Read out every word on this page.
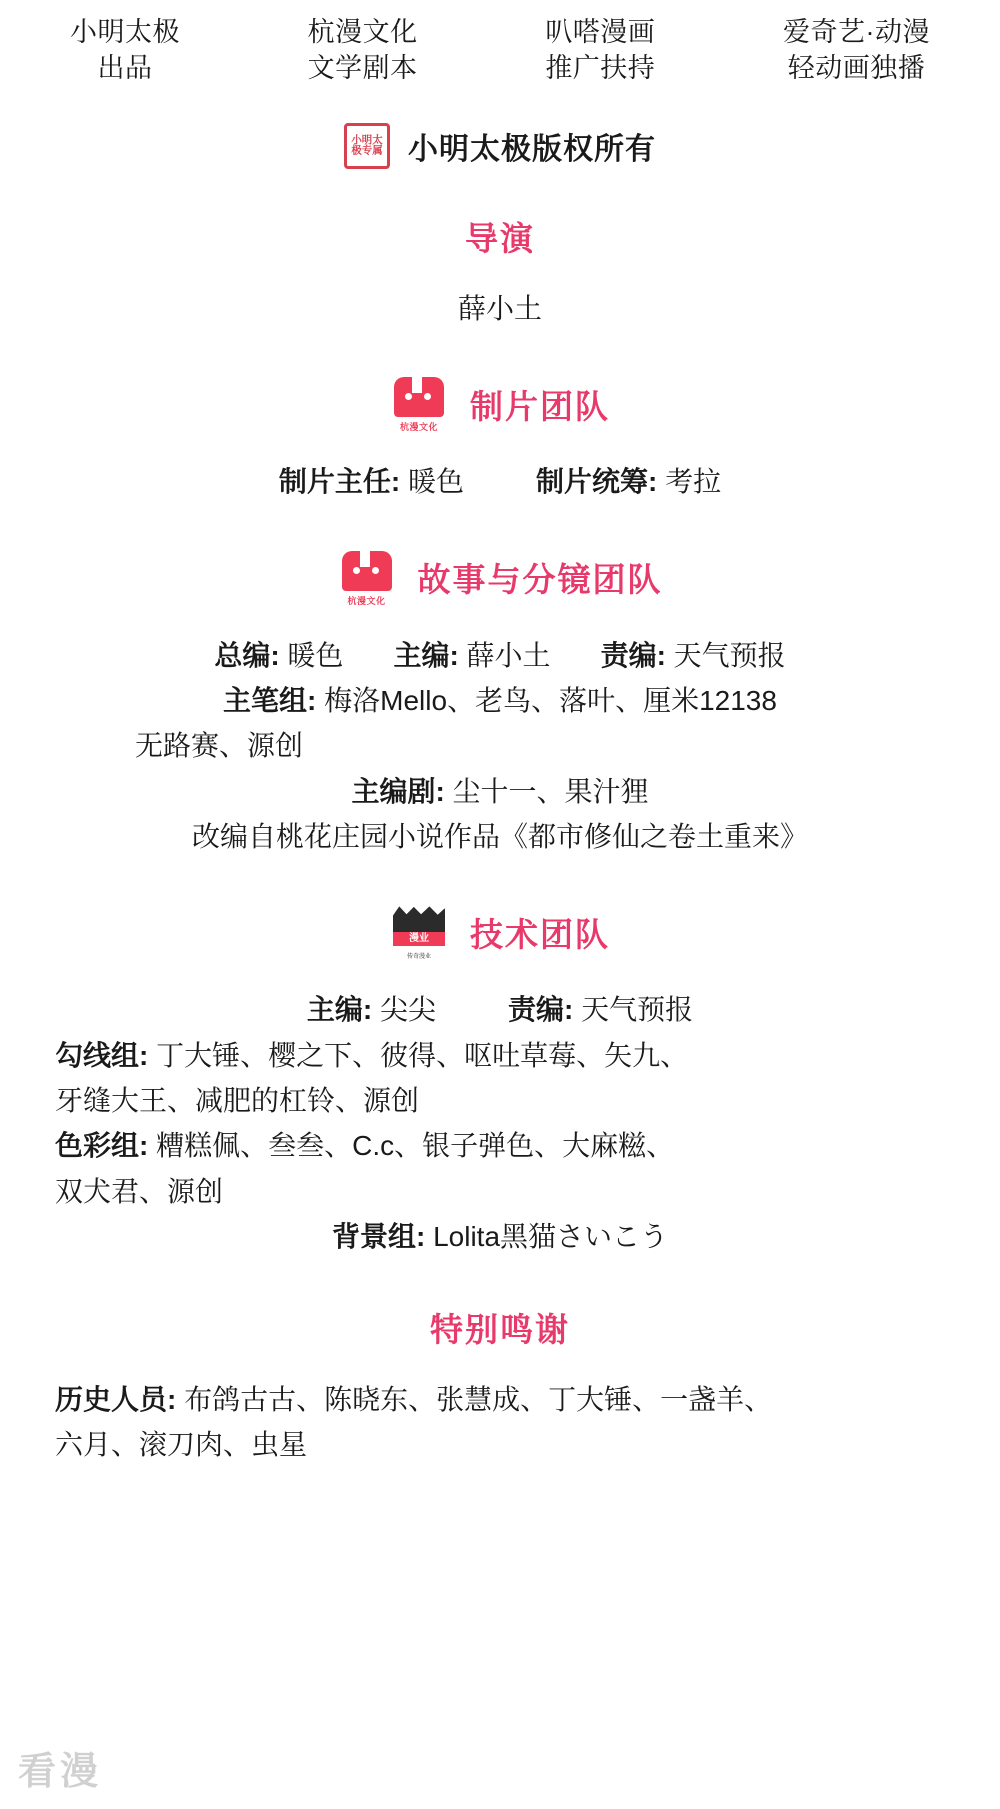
小明太极
出品
杭漫文化
文学剧本
叭嗒漫画
推广扶持
爱奇艺·动漫
轻动画独播
小明太极专属 小明太极版权所有
导演
薛小土
杭漫文化
制片团队
制片主任: 暖色	制片统筹: 考拉
杭漫文化
故事与分镜团队
总编: 暖色 主编: 薛小土 责编: 天气预报
主笔组: 梅洛Mello、老鸟、落叶、厘米12138
无路赛、源创
主编剧: 尘十一、果汁狸
改编自桃花庄园小说作品《都市修仙之卷土重来》
漫业
传奇漫业
技术团队
主编: 尖尖	责编: 天气预报
勾线组: 丁大锤、樱之下、彼得、呕吐草莓、矢九、
牙缝大王、减肥的杠铃、源创
色彩组: 糟糕佩、叁叁、C.c、银子弹色、大麻糍、
双犬君、源创
背景组: Lolita黑猫さいこう
特别鸣谢
历史人员: 布鸽古古、陈晓东、张慧成、丁大锤、一盏羊、
六月、滚刀肉、虫星
看漫
